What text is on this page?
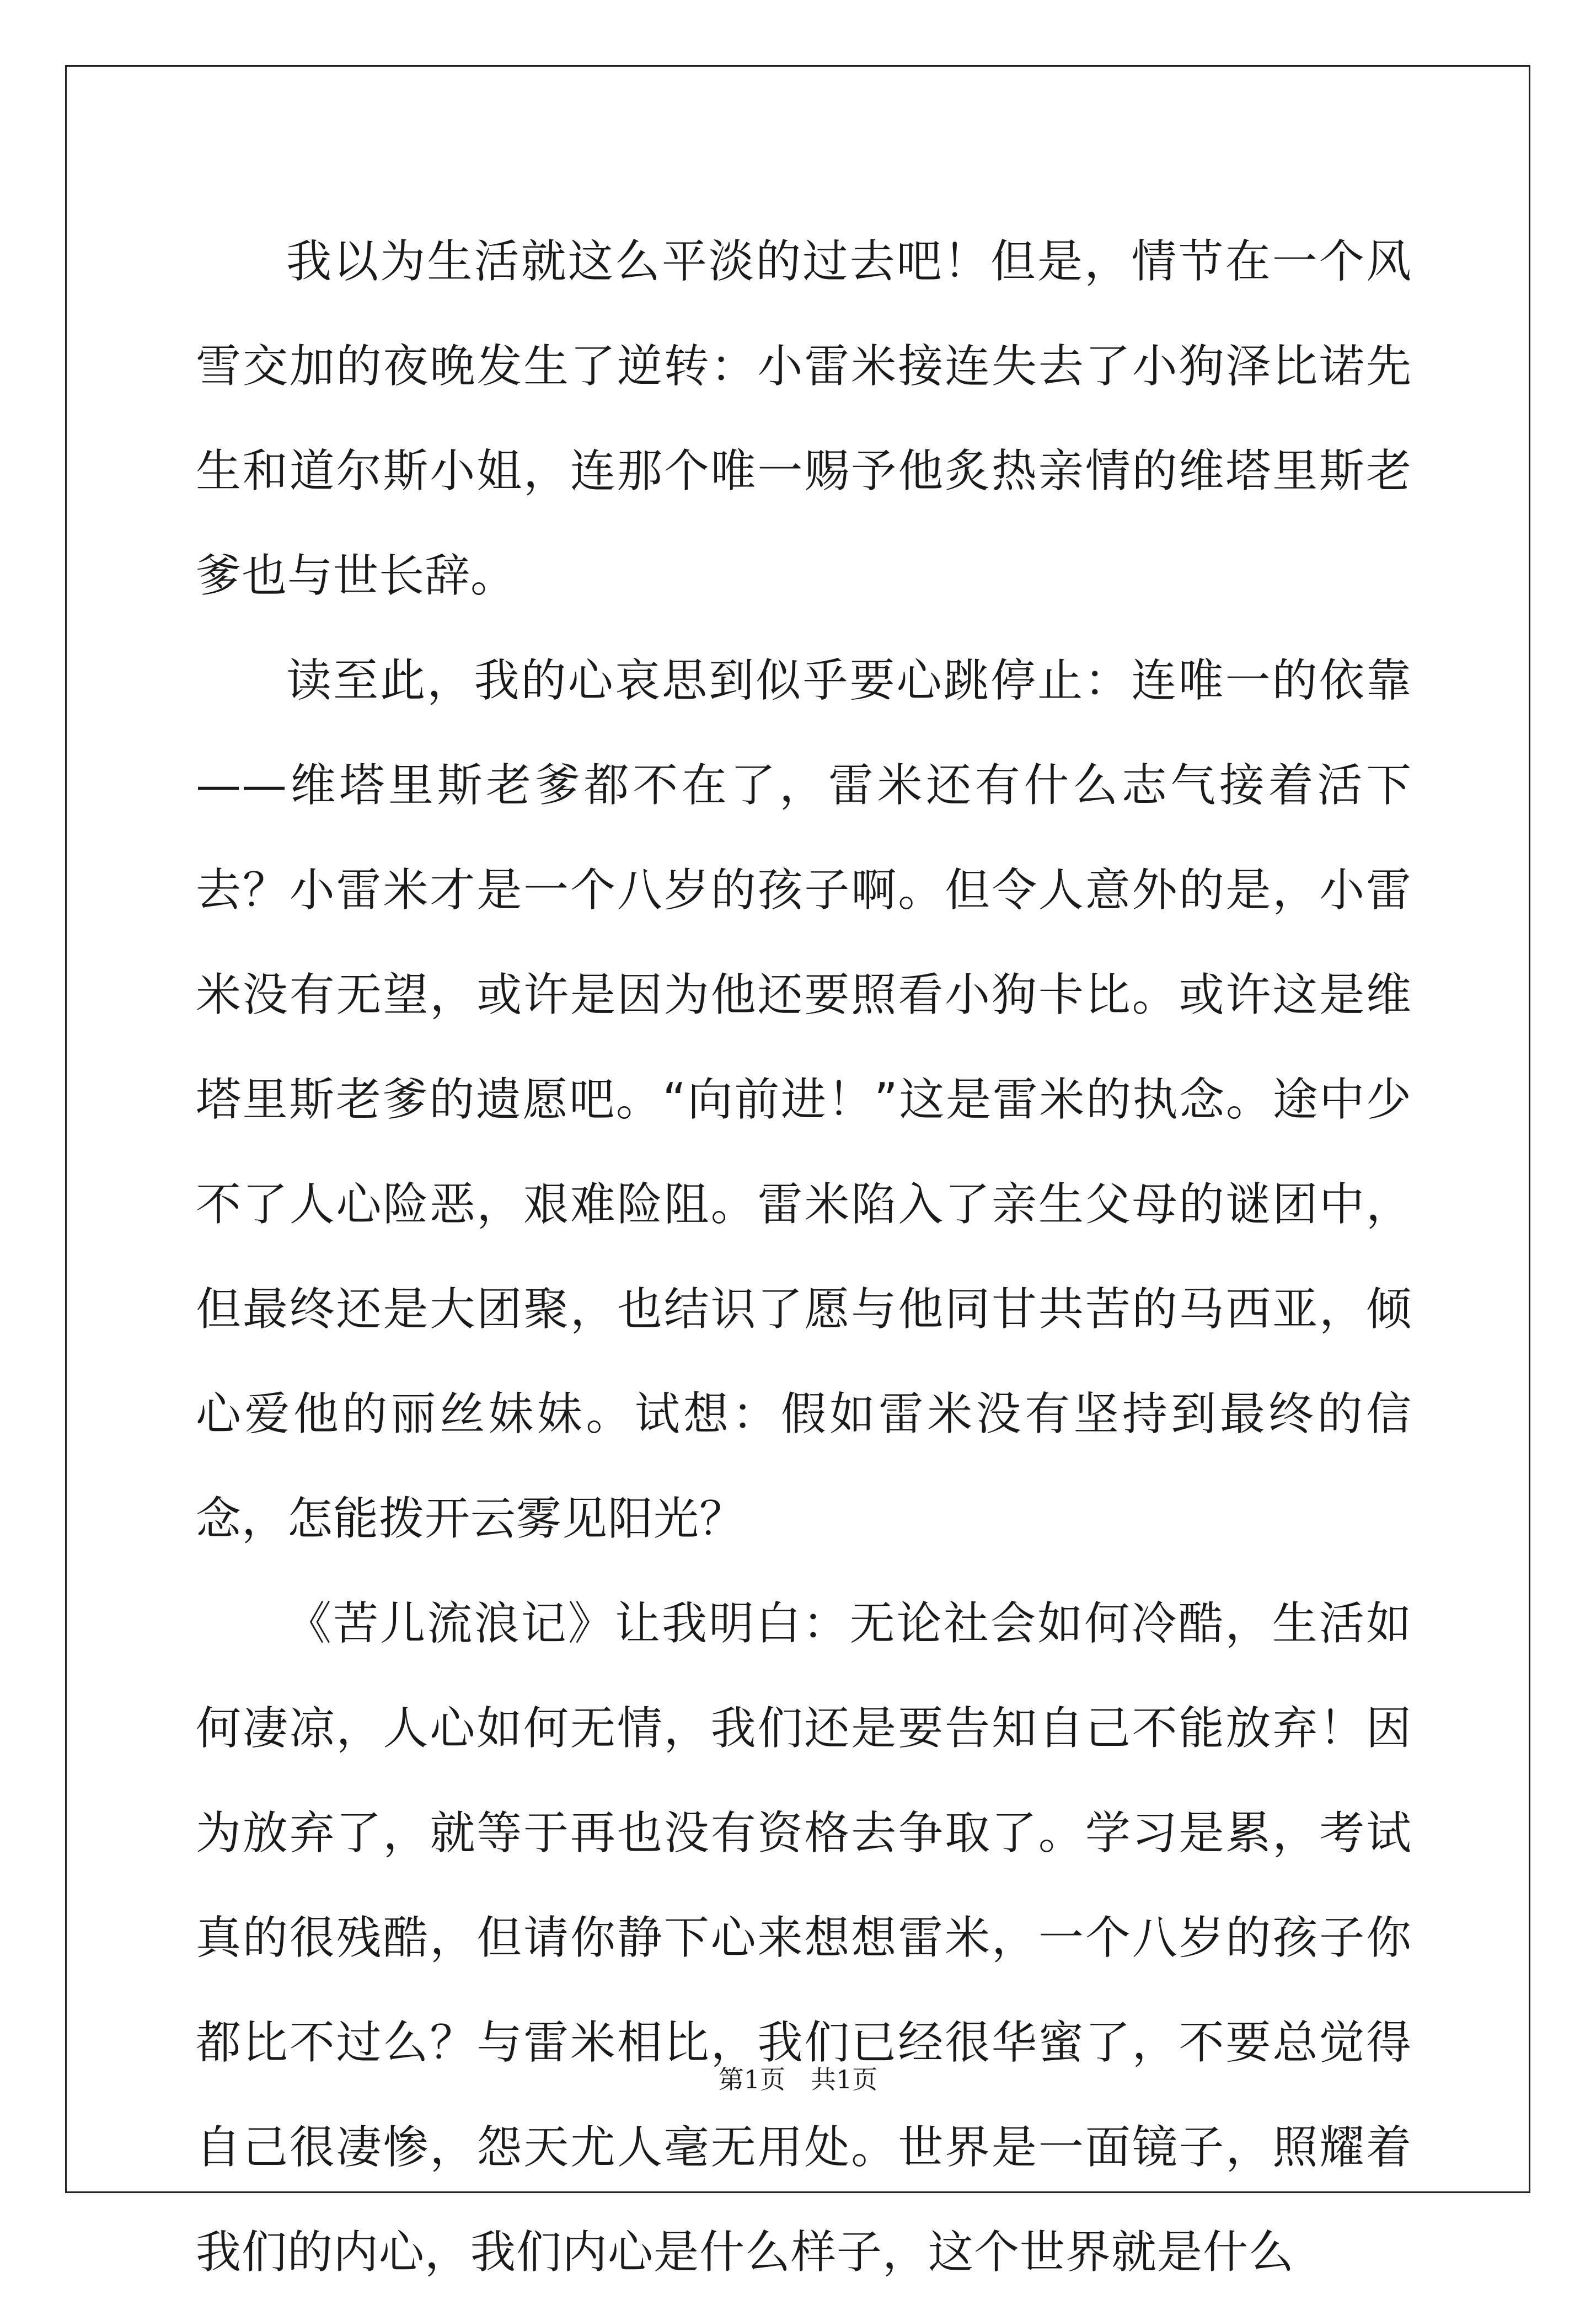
我以为生活就这么平淡的过去吧！但是，情节在一个风雪交加的夜晚发生了逆转：小雷米接连失去了小狗泽比诺先生和道尔斯小姐，连那个唯一赐予他炙热亲情的维塔里斯老爹也与世长辞。

读至此，我的心哀思到似乎要心跳停止：连唯一的依靠——维塔里斯老爹都不在了，雷米还有什么志气接着活下去？小雷米才是一个八岁的孩子啊。但令人意外的是，小雷米没有无望，或许是因为他还要照看小狗卡比。或许这是维塔里斯老爹的遗愿吧。“向前进！”这是雷米的执念。途中少不了人心险恶，艰难险阻。雷米陷入了亲生父母的谜团中，但最终还是大团聚，也结识了愿与他同甘共苦的马西亚，倾心爱他的丽丝妹妹。试想：假如雷米没有坚持到最终的信念，怎能拨开云雾见阳光？

《苦儿流浪记》让我明白：无论社会如何冷酷，生活如何凄凉，人心如何无情，我们还是要告知自己不能放弃！因为放弃了，就等于再也没有资格去争取了。学习是累，考试真的很残酷，但请你静下心来想想雷米，一个八岁的孩子你都比不过么？与雷米相比，我们已经很华蜜了，不要总觉得自己很凄惨，怨天尤人毫无用处。世界是一面镜子，照耀着我们的内心，我们内心是什么样子，这个世界就是什么

第1页　共1页
